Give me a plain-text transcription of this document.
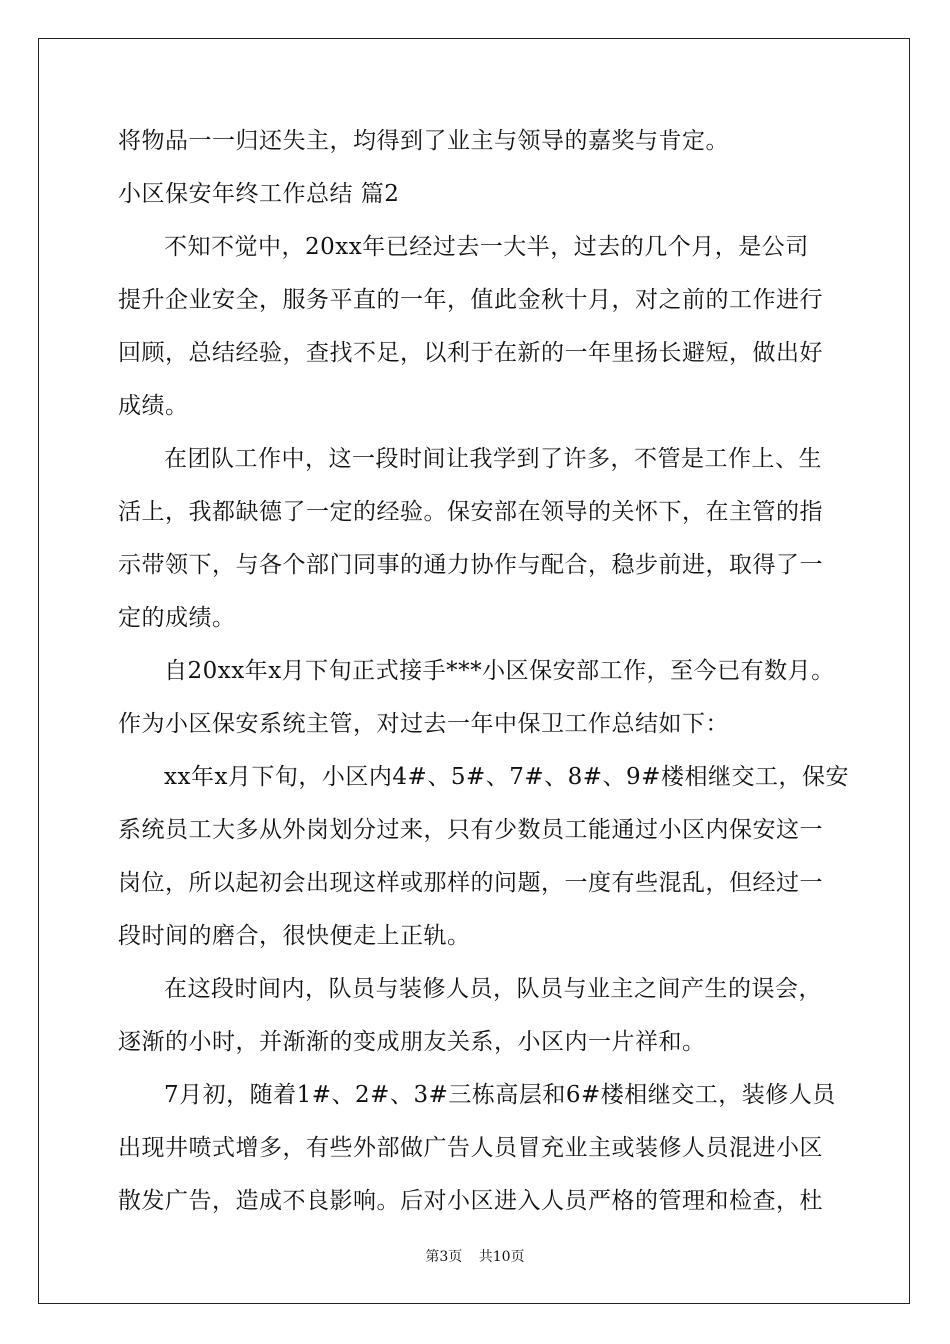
将物品一一归还失主，均得到了业主与领导的嘉奖与肯定。
小区保安年终工作总结 篇2
不知不觉中，20xx年已经过去一大半，过去的几个月，是公司
提升企业安全，服务平直的一年，值此金秋十月，对之前的工作进行
回顾，总结经验，查找不足，以利于在新的一年里扬长避短，做出好
成绩。
在团队工作中，这一段时间让我学到了许多，不管是工作上、生
活上，我都缺德了一定的经验。保安部在领导的关怀下，在主管的指
示带领下，与各个部门同事的通力协作与配合，稳步前进，取得了一
定的成绩。
自20xx年x月下旬正式接手***小区保安部工作，至今已有数月。
作为小区保安系统主管，对过去一年中保卫工作总结如下：
xx年x月下旬，小区内4#、5#、7#、8#、9#楼相继交工，保安
系统员工大多从外岗划分过来，只有少数员工能通过小区内保安这一
岗位，所以起初会出现这样或那样的问题，一度有些混乱，但经过一
段时间的磨合，很快便走上正轨。
在这段时间内，队员与装修人员，队员与业主之间产生的误会，
逐渐的小时，并渐渐的变成朋友关系，小区内一片祥和。
7月初，随着1#、2#、3#三栋高层和6#楼相继交工，装修人员
出现井喷式增多，有些外部做广告人员冒充业主或装修人员混进小区
散发广告，造成不良影响。后对小区进入人员严格的管理和检查，杜
第3页 共10页
